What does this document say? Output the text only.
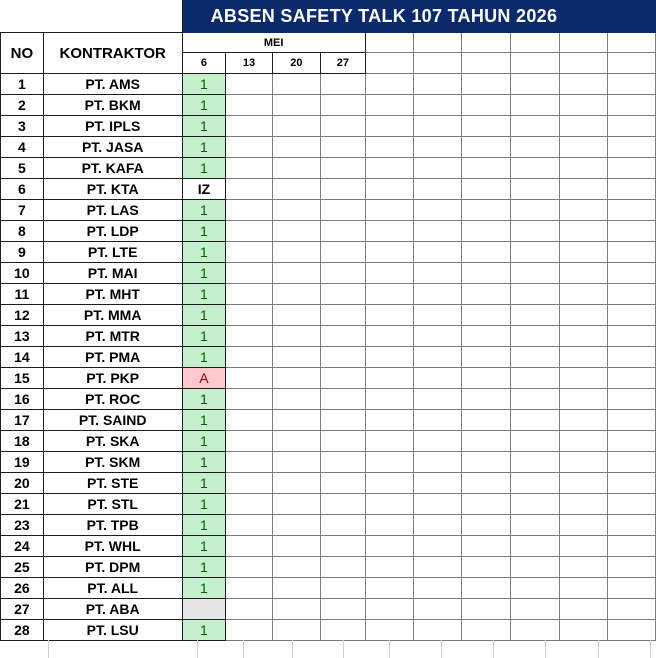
		ABSEN SAFETY TALK 107 TAHUN 2026									
NO	KONTRAKTOR	MEI									
		6	13	20	27						
1	PT. AMS	1									
2	PT. BKM	1									
3	PT. IPLS	1									
4	PT. JASA	1									
5	PT. KAFA	1									
6	PT. KTA	IZ									
7	PT. LAS	1									
8	PT. LDP	1									
9	PT. LTE	1									
10	PT. MAI	1									
11	PT. MHT	1									
12	PT. MMA	1									
13	PT. MTR	1									
14	PT. PMA	1									
15	PT. PKP	A									
16	PT. ROC	1									
17	PT. SAIND	1									
18	PT. SKA	1									
19	PT. SKM	1									
20	PT. STE	1									
21	PT. STL	1									
23	PT. TPB	1									
24	PT. WHL	1									
25	PT. DPM	1									
26	PT. ALL	1									
27	PT. ABA										
28	PT. LSU	1									
